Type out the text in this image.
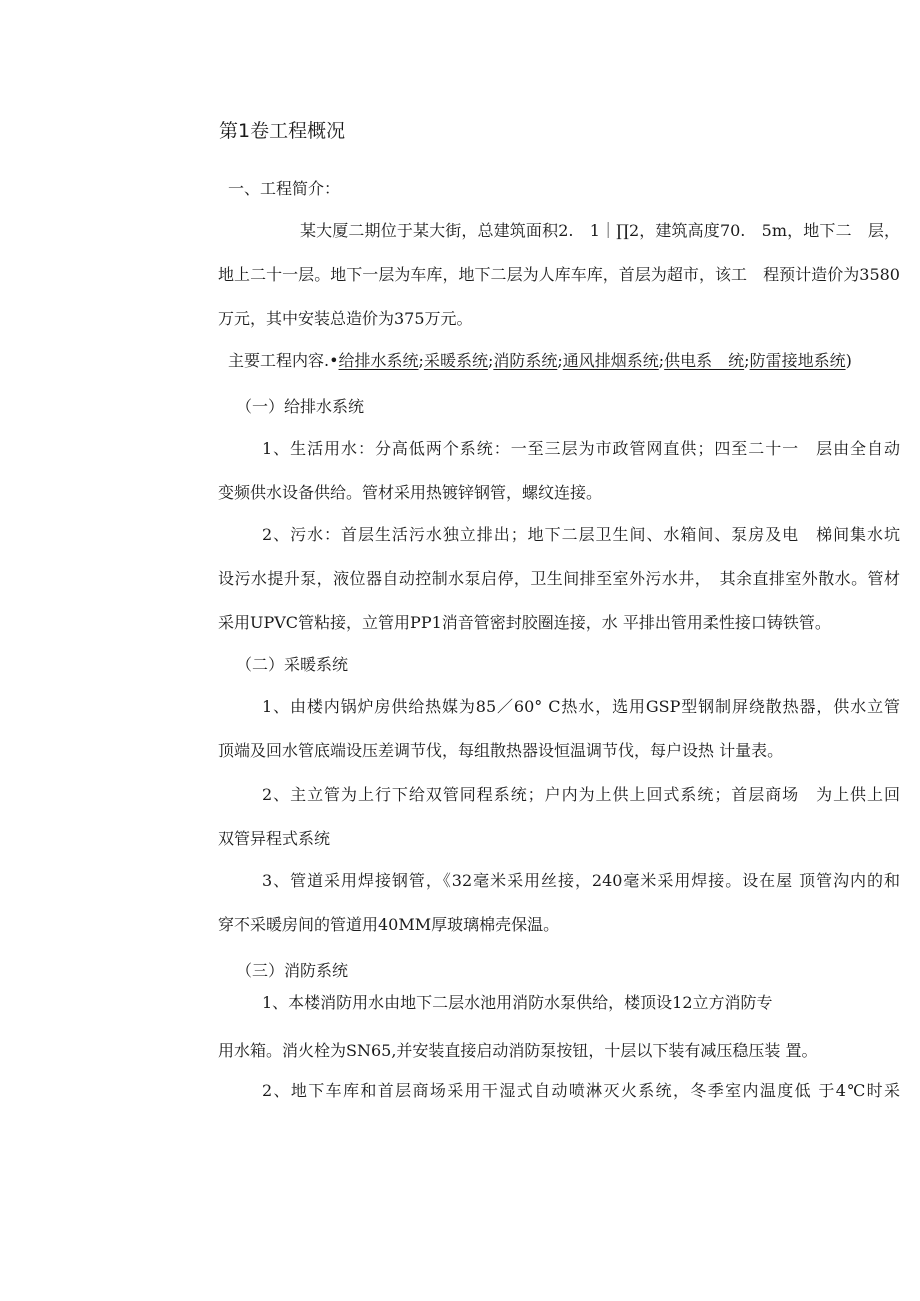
第1卷工程概况
一、工程简介：
某大厦二期位于某大街，总建筑面积2.　1｜∏2，建筑高度70.　5m，地下二　层，
地上二十一层。地下一层为车库，地下二层为人库车库，首层为超市，该工　程预计造价为3580
万元，其中安装总造价为375万元。
主要工程内容.•给排水系统;采暖系统;消防系统;通风排烟系统;供电系　统;防雷接地系统)
（一）给排水系统
1、生活用水：分高低两个系统：一至三层为市政管网直供；四至二十一　层由全自动
变频供水设备供给。管材采用热镀锌钢管，螺纹连接。
2、污水：首层生活污水独立排出；地下二层卫生间、水箱间、泵房及电　梯间集水坑
设污水提升泵，液位器自动控制水泵启停，卫生间排至室外污水井，　其余直排室外散水。管材
采用UPVC管粘接，立管用PP1消音管密封胶圈连接，水 平排出管用柔性接口铸铁管。
（二）采暖系统
1、由楼内锅炉房供给热媒为85／60° C热水，选用GSP型钢制屏绕散热器，供水立管
顶端及回水管底端设压差调节伐，每组散热器设恒温调节伐，每户设热 计量表。
2、主立管为上行下给双管同程系统；户内为上供上回式系统；首层商场　为上供上回
双管异程式系统
3、管道采用焊接钢管，《32毫米采用丝接，240毫米采用焊接。设在屋 顶管沟内的和
穿不采暖房间的管道用40MM厚玻璃棉壳保温。
（三）消防系统
1、本楼消防用水由地下二层水池用消防水泵供给，楼顶设12立方消防专
用水箱。消火栓为SN65,并安装直接启动消防泵按钮，十层以下装有减压稳压装 置。
2、地下车库和首层商场采用干湿式自动喷淋灭火系统，冬季室内温度低 于4℃时采
